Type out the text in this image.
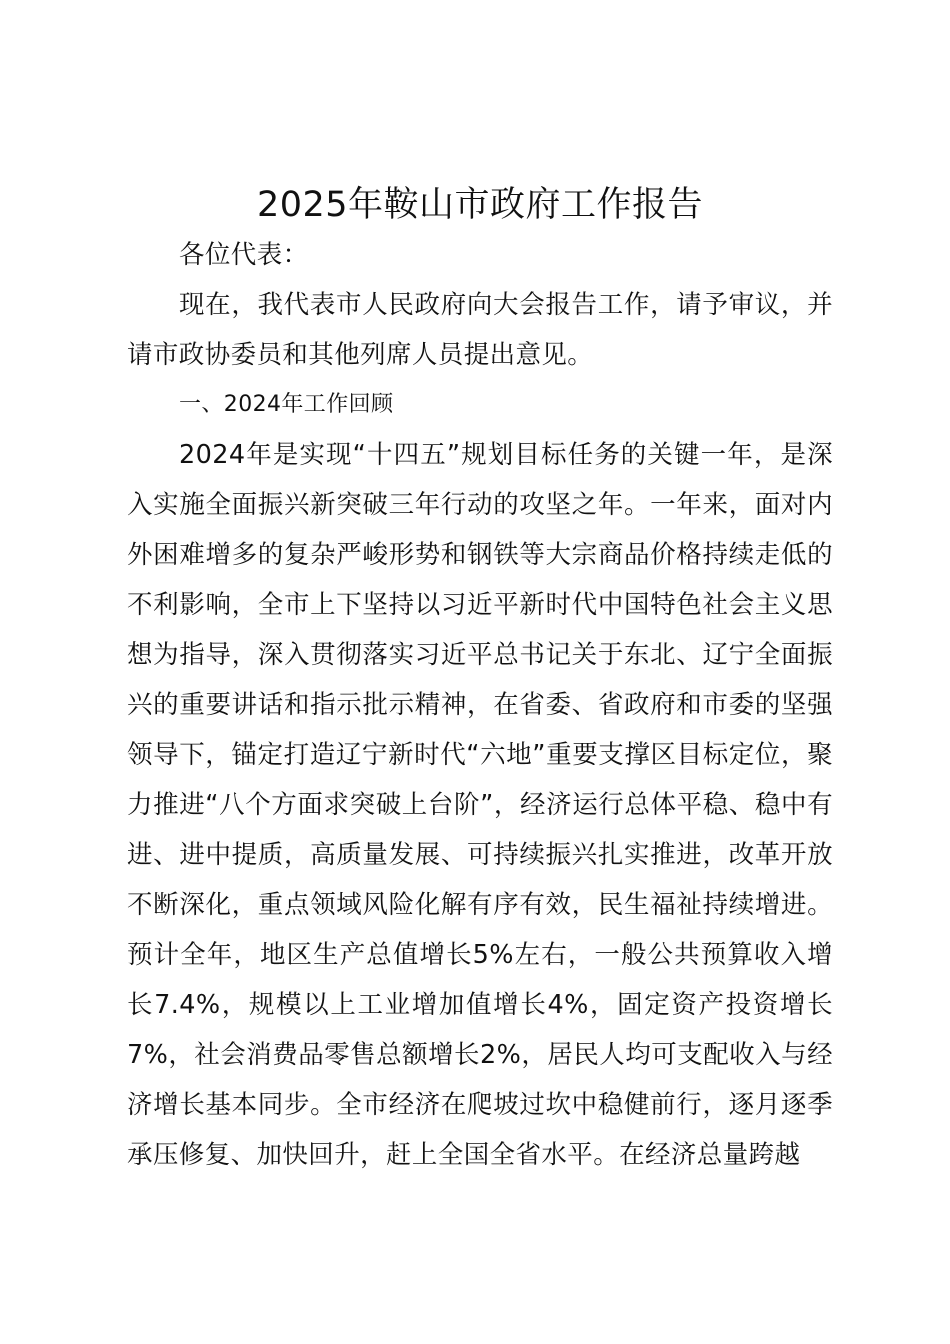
2025年鞍山市政府工作报告

各位代表：

现在，我代表市人民政府向大会报告工作，请予审议，并请市政协委员和其他列席人员提出意见。

一、2024年工作回顾

2024年是实现“十四五”规划目标任务的关键一年，是深入实施全面振兴新突破三年行动的攻坚之年。一年来，面对内外困难增多的复杂严峻形势和钢铁等大宗商品价格持续走低的不利影响，全市上下坚持以习近平新时代中国特色社会主义思想为指导，深入贯彻落实习近平总书记关于东北、辽宁全面振兴的重要讲话和指示批示精神，在省委、省政府和市委的坚强领导下，锚定打造辽宁新时代“六地”重要支撑区目标定位，聚力推进“八个方面求突破上台阶”，经济运行总体平稳、稳中有进、进中提质，高质量发展、可持续振兴扎实推进，改革开放不断深化，重点领域风险化解有序有效，民生福祉持续增进。预计全年，地区生产总值增长5%左右，一般公共预算收入增长7.4%，规模以上工业增加值增长4%，固定资产投资增长7%，社会消费品零售总额增长2%，居民人均可支配收入与经济增长基本同步。全市经济在爬坡过坎中稳健前行，逐月逐季承压修复、加快回升，赶上全国全省水平。在经济总量跨越
